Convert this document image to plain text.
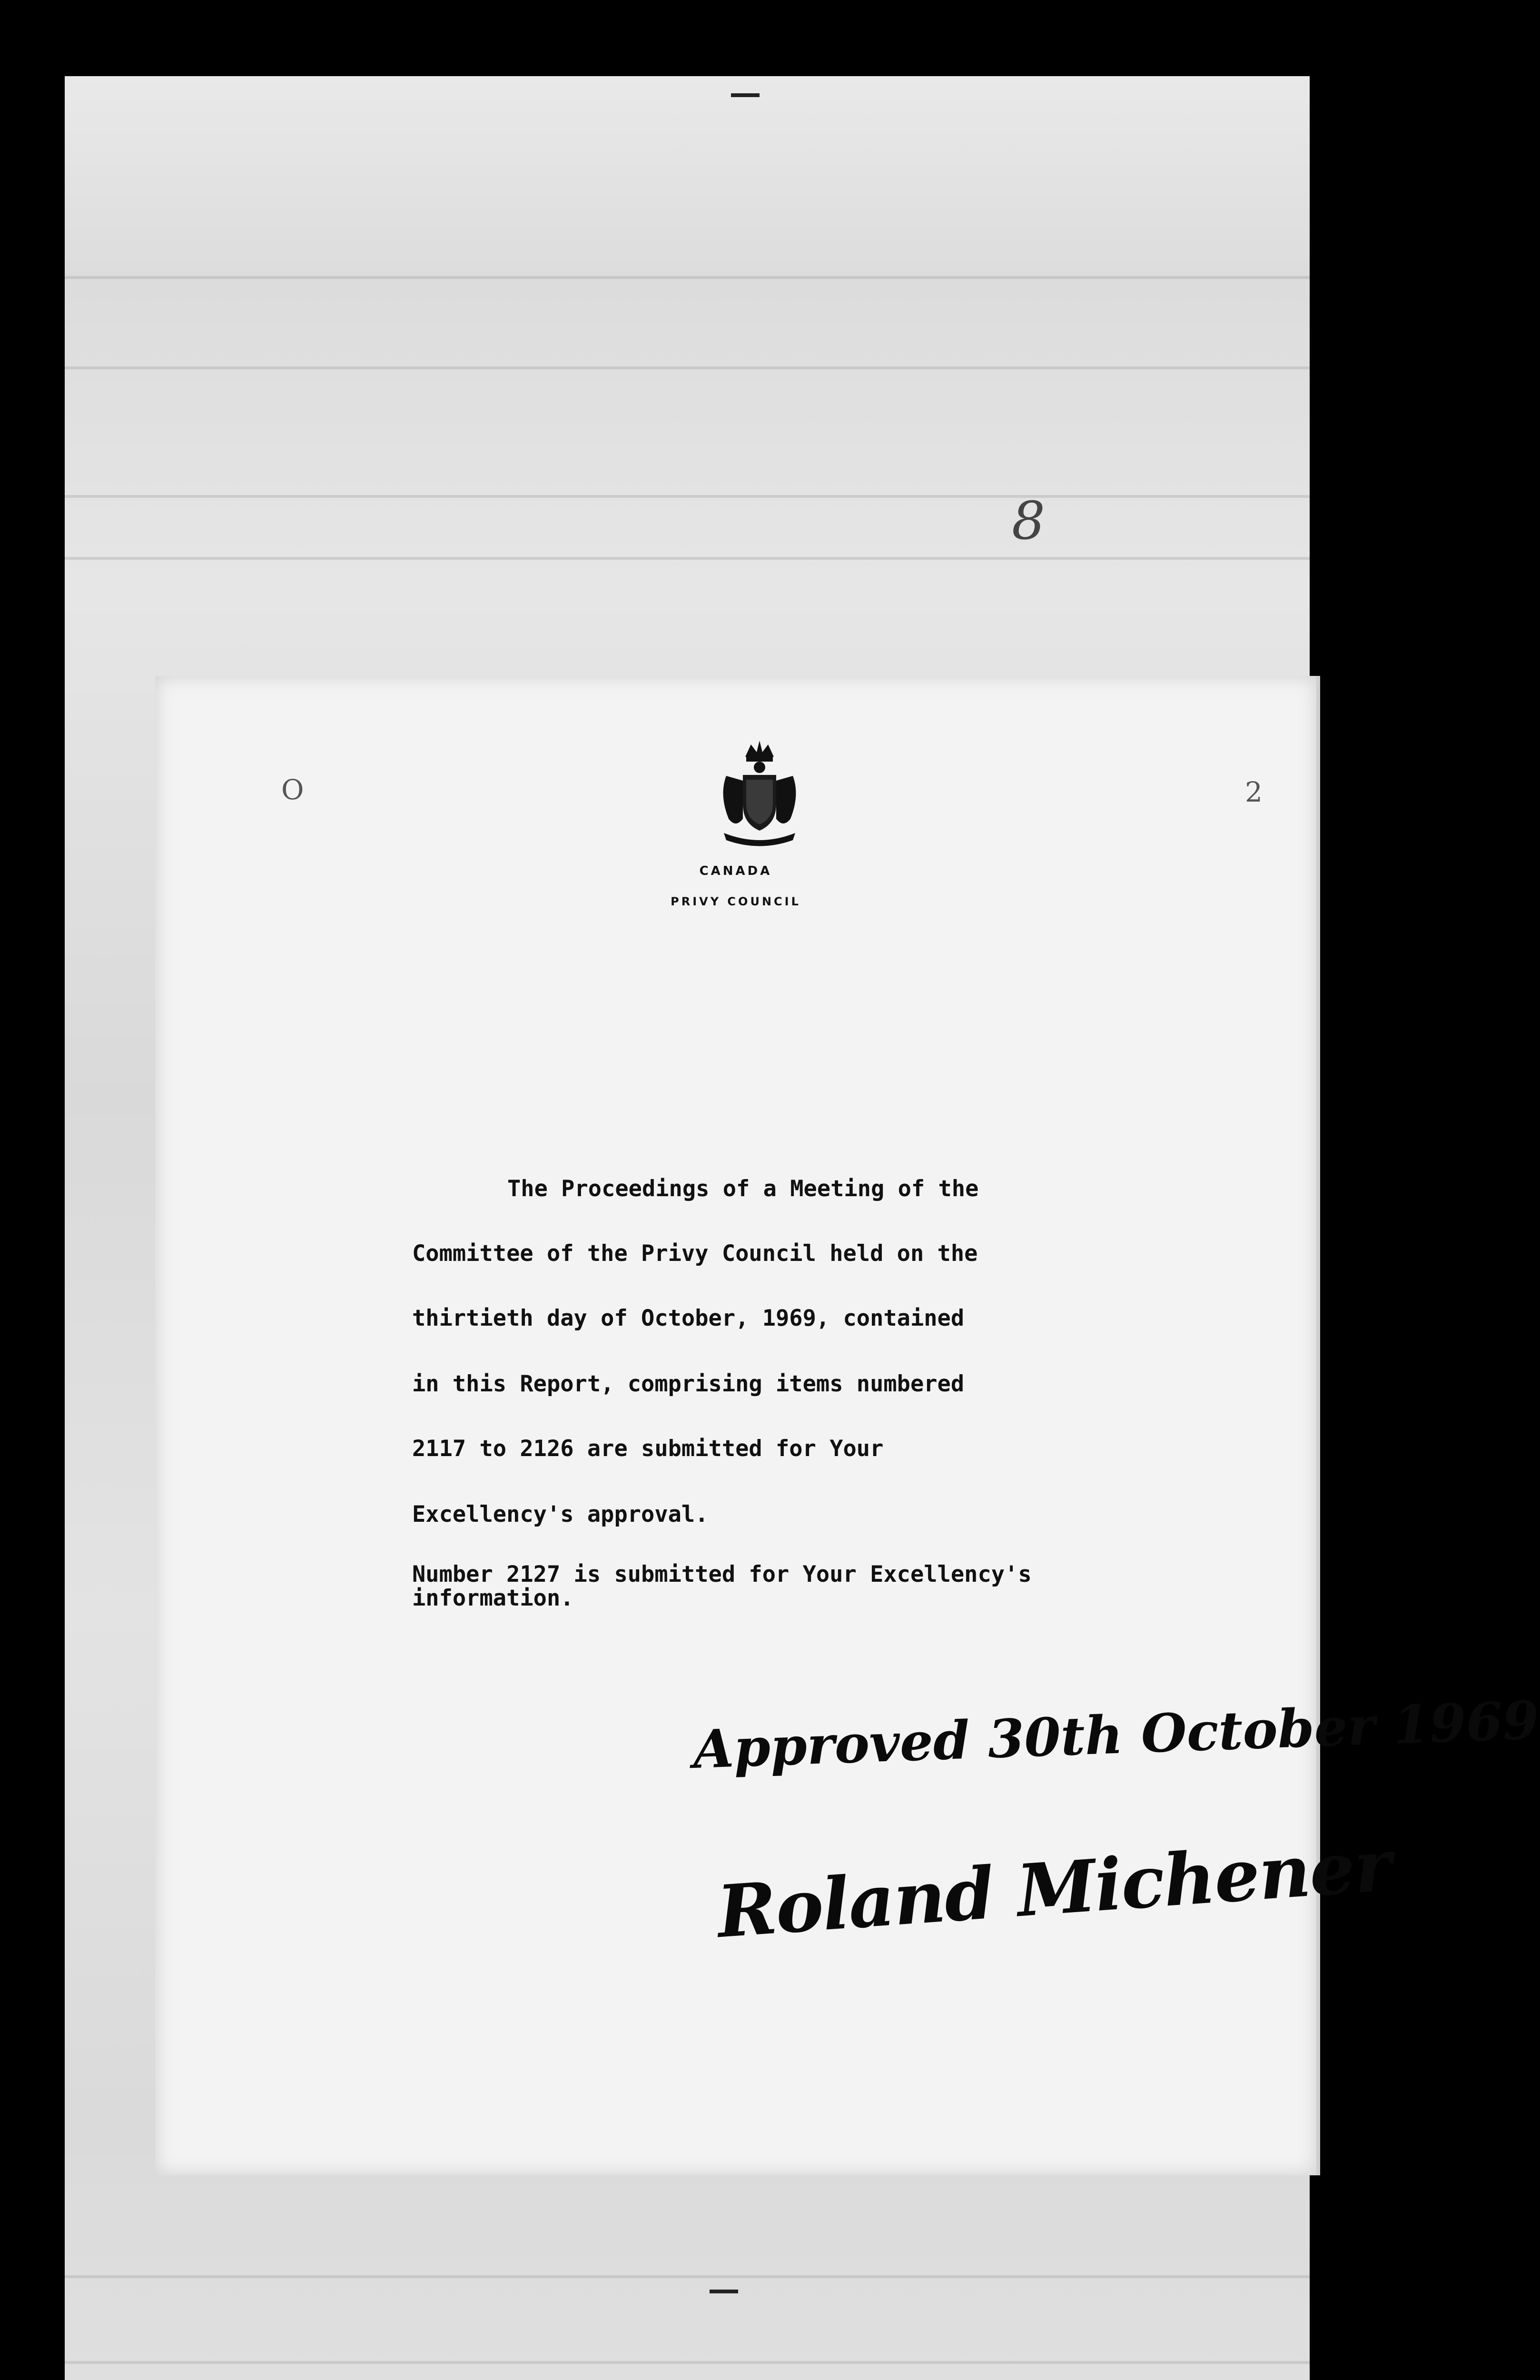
8
O	2
CANADA
PRIVY COUNCIL
The Proceedings of a Meeting of the
Committee of the Privy Council held on the
thirtieth day of October, 1969, contained
in this Report, comprising items numbered
2117 to 2126 are submitted for Your
Excellency's approval.
Number 2127 is submitted for Your Excellency's
information.
Approved 30th October 1969
Roland Michener
